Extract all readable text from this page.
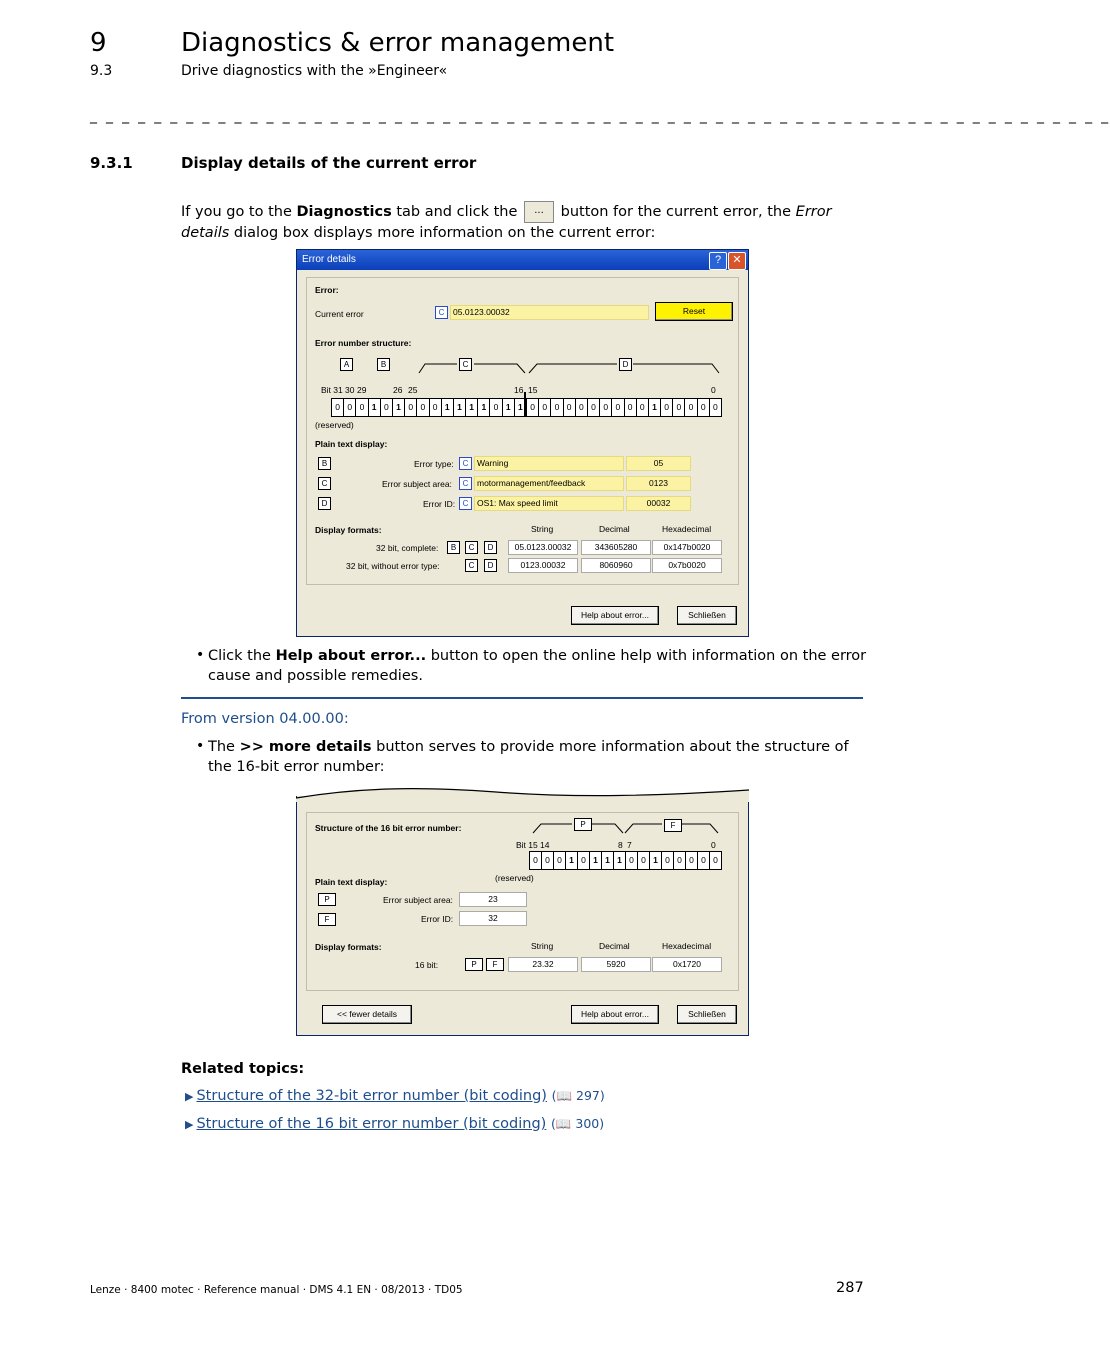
9	Diagnostics & error management
9.3	Drive diagnostics with the »Engineer«
_ _ _ _ _ _ _ _ _ _ _ _ _ _ _ _ _ _ _ _ _ _ _ _ _ _ _ _ _ _ _ _ _ _ _ _ _ _ _ _ _ _ _ _ _ _ _ _ _ _ _ _ _ _ _ _ _ _ _ _ _ _ _ _
9.3.1	Display details of the current error
If you go to the Diagnostics tab and click the ... button for the current error, the Error details dialog box displays more information on the current error:
Error details	?	✕
Error:
Current error	C	05.0123.00032	Reset
Error number structure:
A	B	C	D
Bit 31 30 29	26 25	16 15	0
0 0 0 1 0 1 0 0 0 1 1 1 1 0 1 1 0 0 0 0 0 0 0 0 0 0 1 0 0 0 0 0
(reserved)
Plain text display:
B	Error type:	C	Warning	05
C	Error subject area:	C	motormanagement/feedback	0123
D	Error ID: C	OS1: Max speed limit	00032
Display formats:	String	Decimal	Hexadecimal
32 bit, complete:	B	C	D	05.0123.00032	343605280	0x147b0020
32 bit, without error type:	C	D	0123.00032	8060960	0x7b0020
Help about error...	Schließen
• Click the Help about error... button to open the online help with information on the error cause and possible remedies.
From version 04.00.00:
• The >> more details button serves to provide more information about the structure of the 16-bit error number:
Structure of the 16 bit error number:	P	F
Bit 15 14	8 7	0
0 0 0 1 0 1 1 1 0 0 1 0 0 0 0 0
(reserved)
Plain text display:
P	Error subject area:	23
F	Error ID:	32
Display formats:	String	Decimal	Hexadecimal
16 bit:	P	F	23.32	5920	0x1720
<< fewer details	Help about error...	Schließen
Related topics:
▶ Structure of the 32-bit error number (bit coding) (📖 297)
▶ Structure of the 16 bit error number (bit coding) (📖 300)
Lenze · 8400 motec · Reference manual · DMS 4.1 EN · 08/2013 · TD05	287
